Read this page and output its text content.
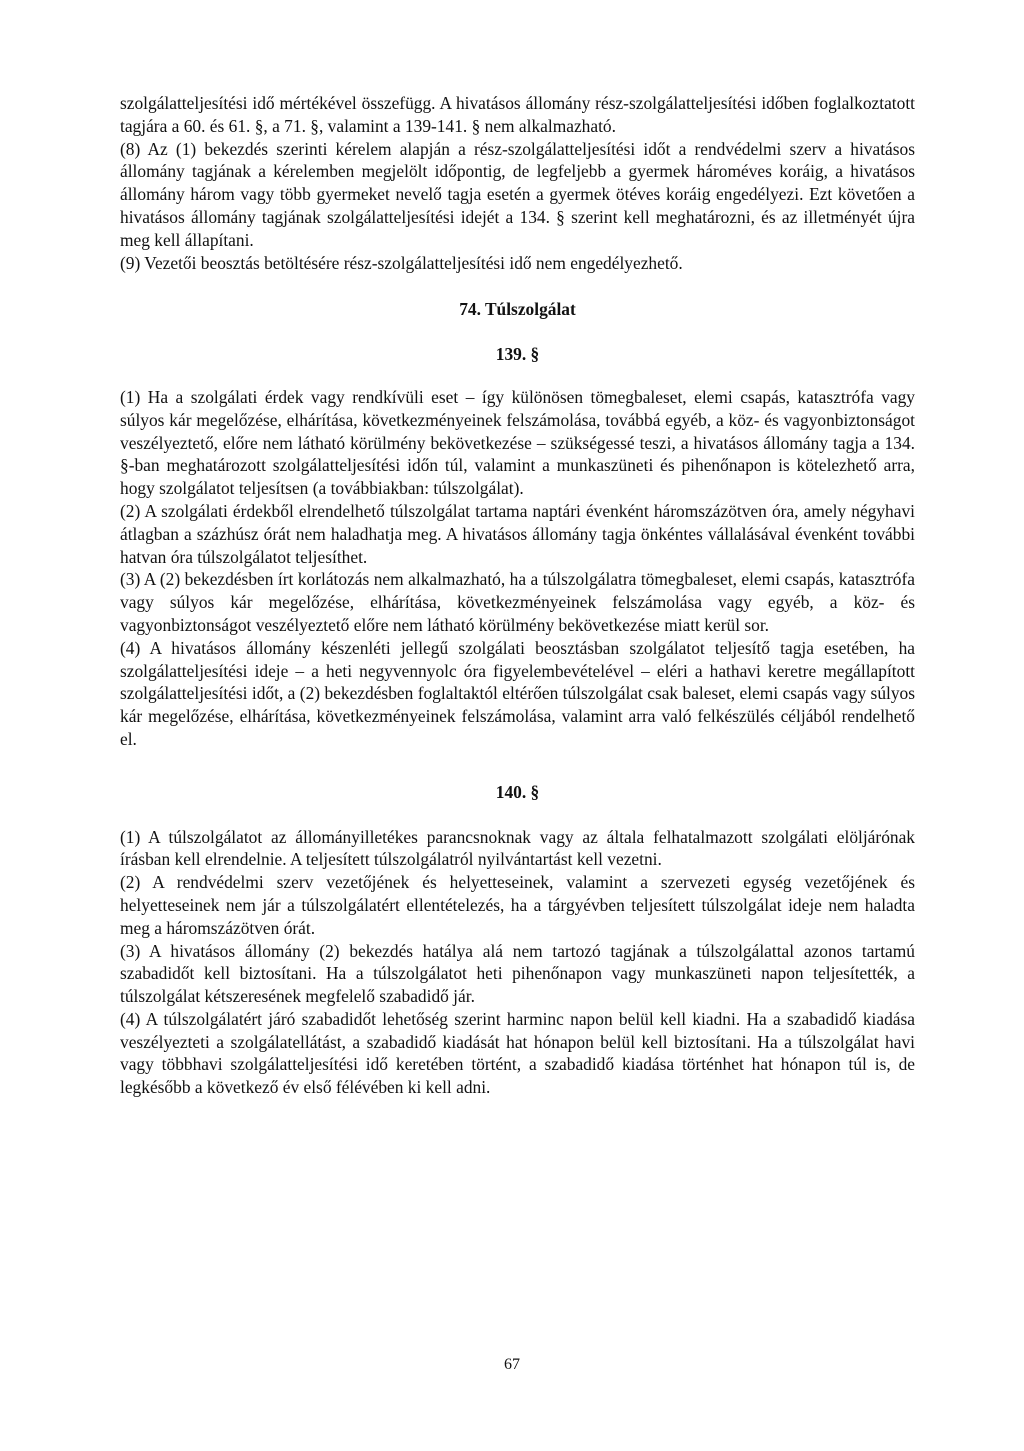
szolgálatteljesítési idő mértékével összefügg. A hivatásos állomány rész-szolgálatteljesítési időben foglalkoztatott tagjára a 60. és 61. §, a 71. §, valamint a 139-141. § nem alkalmazható.

(8) Az (1) bekezdés szerinti kérelem alapján a rész-szolgálatteljesítési időt a rendvédelmi szerv a hivatásos állomány tagjának a kérelemben megjelölt időpontig, de legfeljebb a gyermek hároméves koráig, a hivatásos állomány három vagy több gyermeket nevelő tagja esetén a gyermek ötéves koráig engedélyezi. Ezt követően a hivatásos állomány tagjának szolgálatteljesítési idejét a 134. § szerint kell meghatározni, és az illetményét újra meg kell állapítani.

(9) Vezetői beosztás betöltésére rész-szolgálatteljesítési idő nem engedélyezhető.

74. Túlszolgálat

139. §

(1) Ha a szolgálati érdek vagy rendkívüli eset – így különösen tömegbaleset, elemi csapás, katasztrófa vagy súlyos kár megelőzése, elhárítása, következményeinek felszámolása, továbbá egyéb, a köz- és vagyonbiztonságot veszélyeztető, előre nem látható körülmény bekövetkezése – szükségessé teszi, a hivatásos állomány tagja a 134. §-ban meghatározott szolgálatteljesítési időn túl, valamint a munkaszüneti és pihenőnapon is kötelezhető arra, hogy szolgálatot teljesítsen (a továbbiakban: túlszolgálat).

(2) A szolgálati érdekből elrendelhető túlszolgálat tartama naptári évenként háromszázötven óra, amely négyhavi átlagban a százhúsz órát nem haladhatja meg. A hivatásos állomány tagja önkéntes vállalásával évenként további hatvan óra túlszolgálatot teljesíthet.

(3) A (2) bekezdésben írt korlátozás nem alkalmazható, ha a túlszolgálatra tömegbaleset, elemi csapás, katasztrófa vagy súlyos kár megelőzése, elhárítása, következményeinek felszámolása vagy egyéb, a köz- és vagyonbiztonságot veszélyeztető előre nem látható körülmény bekövetkezése miatt kerül sor.

(4) A hivatásos állomány készenléti jellegű szolgálati beosztásban szolgálatot teljesítő tagja esetében, ha szolgálatteljesítési ideje – a heti negyvennyolc óra figyelembevételével – eléri a hathavi keretre megállapított szolgálatteljesítési időt, a (2) bekezdésben foglaltaktól eltérően túlszolgálat csak baleset, elemi csapás vagy súlyos kár megelőzése, elhárítása, következményeinek felszámolása, valamint arra való felkészülés céljából rendelhető el.

140. §

(1) A túlszolgálatot az állományilletékes parancsnoknak vagy az általa felhatalmazott szolgálati elöljárónak írásban kell elrendelnie. A teljesített túlszolgálatról nyilvántartást kell vezetni.

(2) A rendvédelmi szerv vezetőjének és helyetteseinek, valamint a szervezeti egység vezetőjének és helyetteseinek nem jár a túlszolgálatért ellentételezés, ha a tárgyévben teljesített túlszolgálat ideje nem haladta meg a háromszázötven órát.

(3) A hivatásos állomány (2) bekezdés hatálya alá nem tartozó tagjának a túlszolgálattal azonos tartamú szabadidőt kell biztosítani. Ha a túlszolgálatot heti pihenőnapon vagy munkaszüneti napon teljesítették, a túlszolgálat kétszeresének megfelelő szabadidő jár.

(4) A túlszolgálatért járó szabadidőt lehetőség szerint harminc napon belül kell kiadni. Ha a szabadidő kiadása veszélyezteti a szolgálatellátást, a szabadidő kiadását hat hónapon belül kell biztosítani. Ha a túlszolgálat havi vagy többhavi szolgálatteljesítési idő keretében történt, a szabadidő kiadása történhet hat hónapon túl is, de legkésőbb a következő év első félévében ki kell adni.

67
